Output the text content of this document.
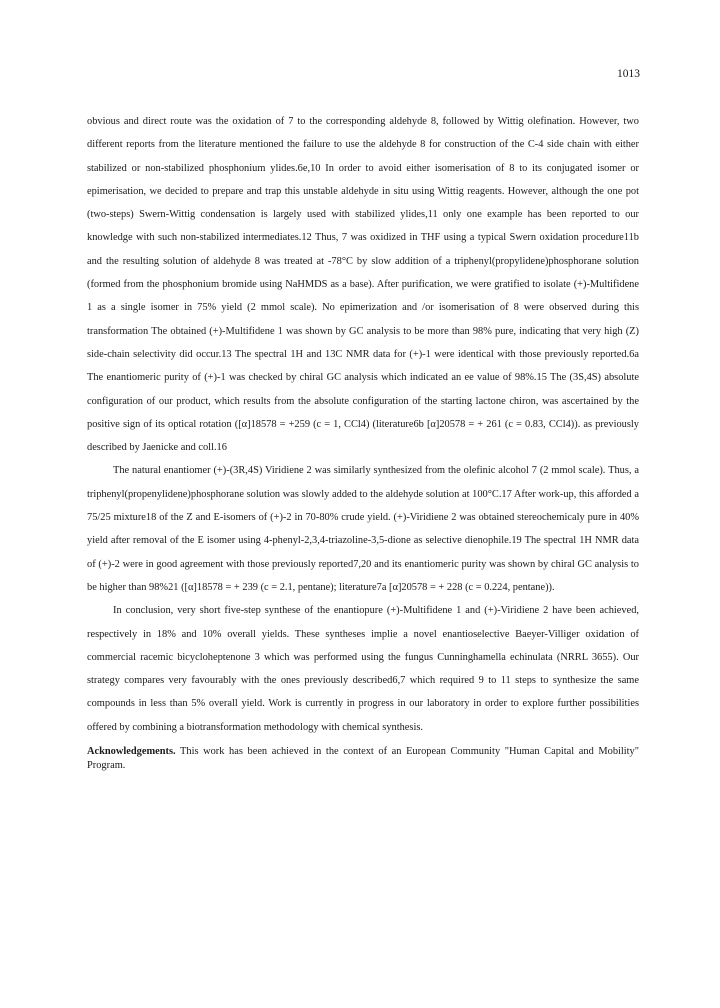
1013

obvious and direct route was the oxidation of 7 to the corresponding aldehyde 8, followed by Wittig olefination. However, two different reports from the literature mentioned the failure to use the aldehyde 8 for construction of the C-4 side chain with either stabilized or non-stabilized phosphonium ylides.6e,10 In order to avoid either isomerisation of 8 to its conjugated isomer or epimerisation, we decided to prepare and trap this unstable aldehyde in situ using Wittig reagents. However, although the one pot (two-steps) Swern-Wittig condensation is largely used with stabilized ylides,11 only one example has been reported to our knowledge with such non-stabilized intermediates.12 Thus, 7 was oxidized in THF using a typical Swern oxidation procedure11b and the resulting solution of aldehyde 8 was treated at -78°C by slow addition of a triphenyl(propylidene)phosphorane solution (formed from the phosphonium bromide using NaHMDS as a base). After purification, we were gratified to isolate (+)-Multifidene 1 as a single isomer in 75% yield (2 mmol scale). No epimerization and /or isomerisation of 8 were observed during this transformation The obtained (+)-Multifidene 1 was shown by GC analysis to be more than 98% pure, indicating that very high (Z) side-chain selectivity did occur.13 The spectral 1H and 13C NMR data for (+)-1 were identical with those previously reported.6a The enantiomeric purity of (+)-1 was checked by chiral GC analysis which indicated an ee value of 98%.15 The (3S,4S) absolute configuration of our product, which results from the absolute configuration of the starting lactone chiron, was ascertained by the positive sign of its optical rotation ([α]18578 = +259 (c = 1, CCl4) (literature6b [α]20578 = + 261 (c = 0.83, CCl4)). as previously described by Jaenicke and coll.16

The natural enantiomer (+)-(3R,4S) Viridiene 2 was similarly synthesized from the olefinic alcohol 7 (2 mmol scale). Thus, a triphenyl(propenylidene)phosphorane solution was slowly added to the aldehyde solution at 100°C.17 After work-up, this afforded a 75/25 mixture18 of the Z and E-isomers of (+)-2 in 70-80% crude yield. (+)-Viridiene 2 was obtained stereochemicaly pure in 40% yield after removal of the E isomer using 4-phenyl-2,3,4-triazoline-3,5-dione as selective dienophile.19 The spectral 1H NMR data of (+)-2 were in good agreement with those previously reported7,20 and its enantiomeric purity was shown by chiral GC analysis to be higher than 98%21 ([α]18578 = + 239 (c = 2.1, pentane); literature7a [α]20578 = + 228 (c = 0.224, pentane)).

In conclusion, very short five-step synthese of the enantiopure (+)-Multifidene 1 and (+)-Viridiene 2 have been achieved, respectively in 18% and 10% overall yields. These syntheses implie a novel enantioselective Baeyer-Villiger oxidation of commercial racemic bicycloheptenone 3 which was performed using the fungus Cunninghamella echinulata (NRRL 3655). Our strategy compares very favourably with the ones previously described6,7 which required 9 to 11 steps to synthesize the same compounds in less than 5% overall yield. Work is currently in progress in our laboratory in order to explore further possibilities offered by combining a biotransformation methodology with chemical synthesis.

Acknowledgements. This work has been achieved in the context of an European Community "Human Capital and Mobility" Program.
